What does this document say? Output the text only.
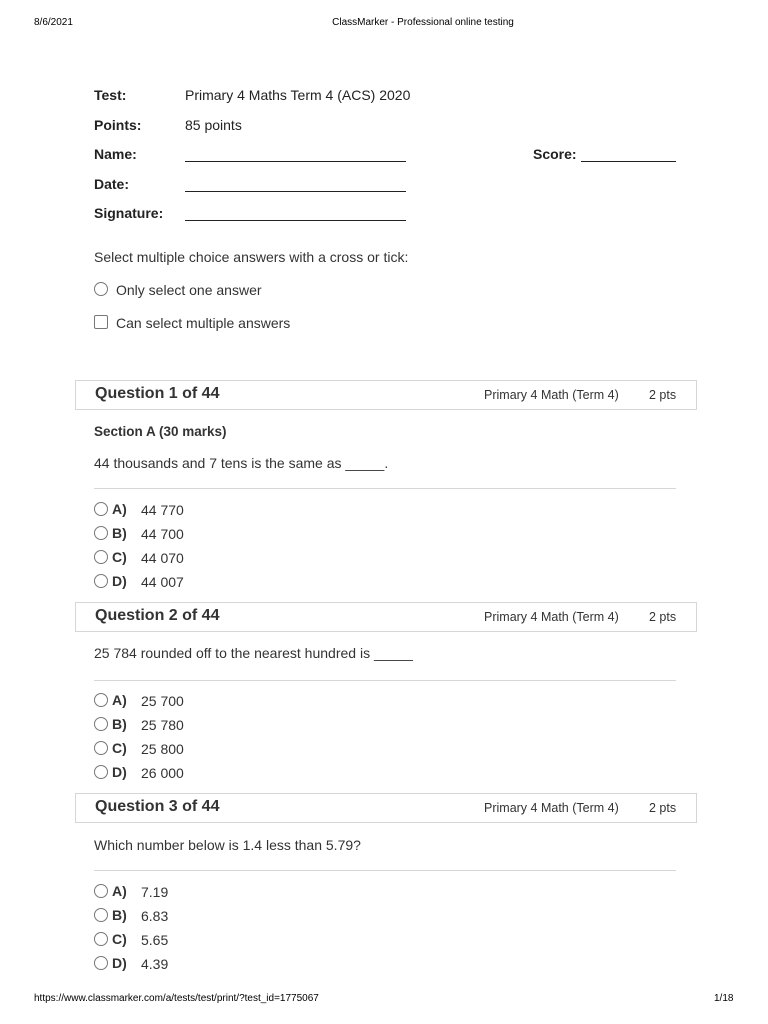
8/6/2021	ClassMarker - Professional online testing
Test:	Primary 4 Maths Term 4 (ACS) 2020
Points:	85 points
Name:	Score:
Date:
Signature:
Select multiple choice answers with a cross or tick:
Only select one answer
Can select multiple answers
Question 1 of 44	Primary 4 Math (Term 4) 2 pts
Section A (30 marks)
44 thousands and 7 tens is the same as _____.
A) 44 770
B) 44 700
C) 44 070
D) 44 007
Question 2 of 44	Primary 4 Math (Term 4) 2 pts
25 784 rounded off to the nearest hundred is _____
A) 25 700
B) 25 780
C) 25 800
D) 26 000
Question 3 of 44	Primary 4 Math (Term 4) 2 pts
Which number below is 1.4 less than 5.79?
A) 7.19
B) 6.83
C) 5.65
D) 4.39
https://www.classmarker.com/a/tests/test/print/?test_id=1775067	1/18
